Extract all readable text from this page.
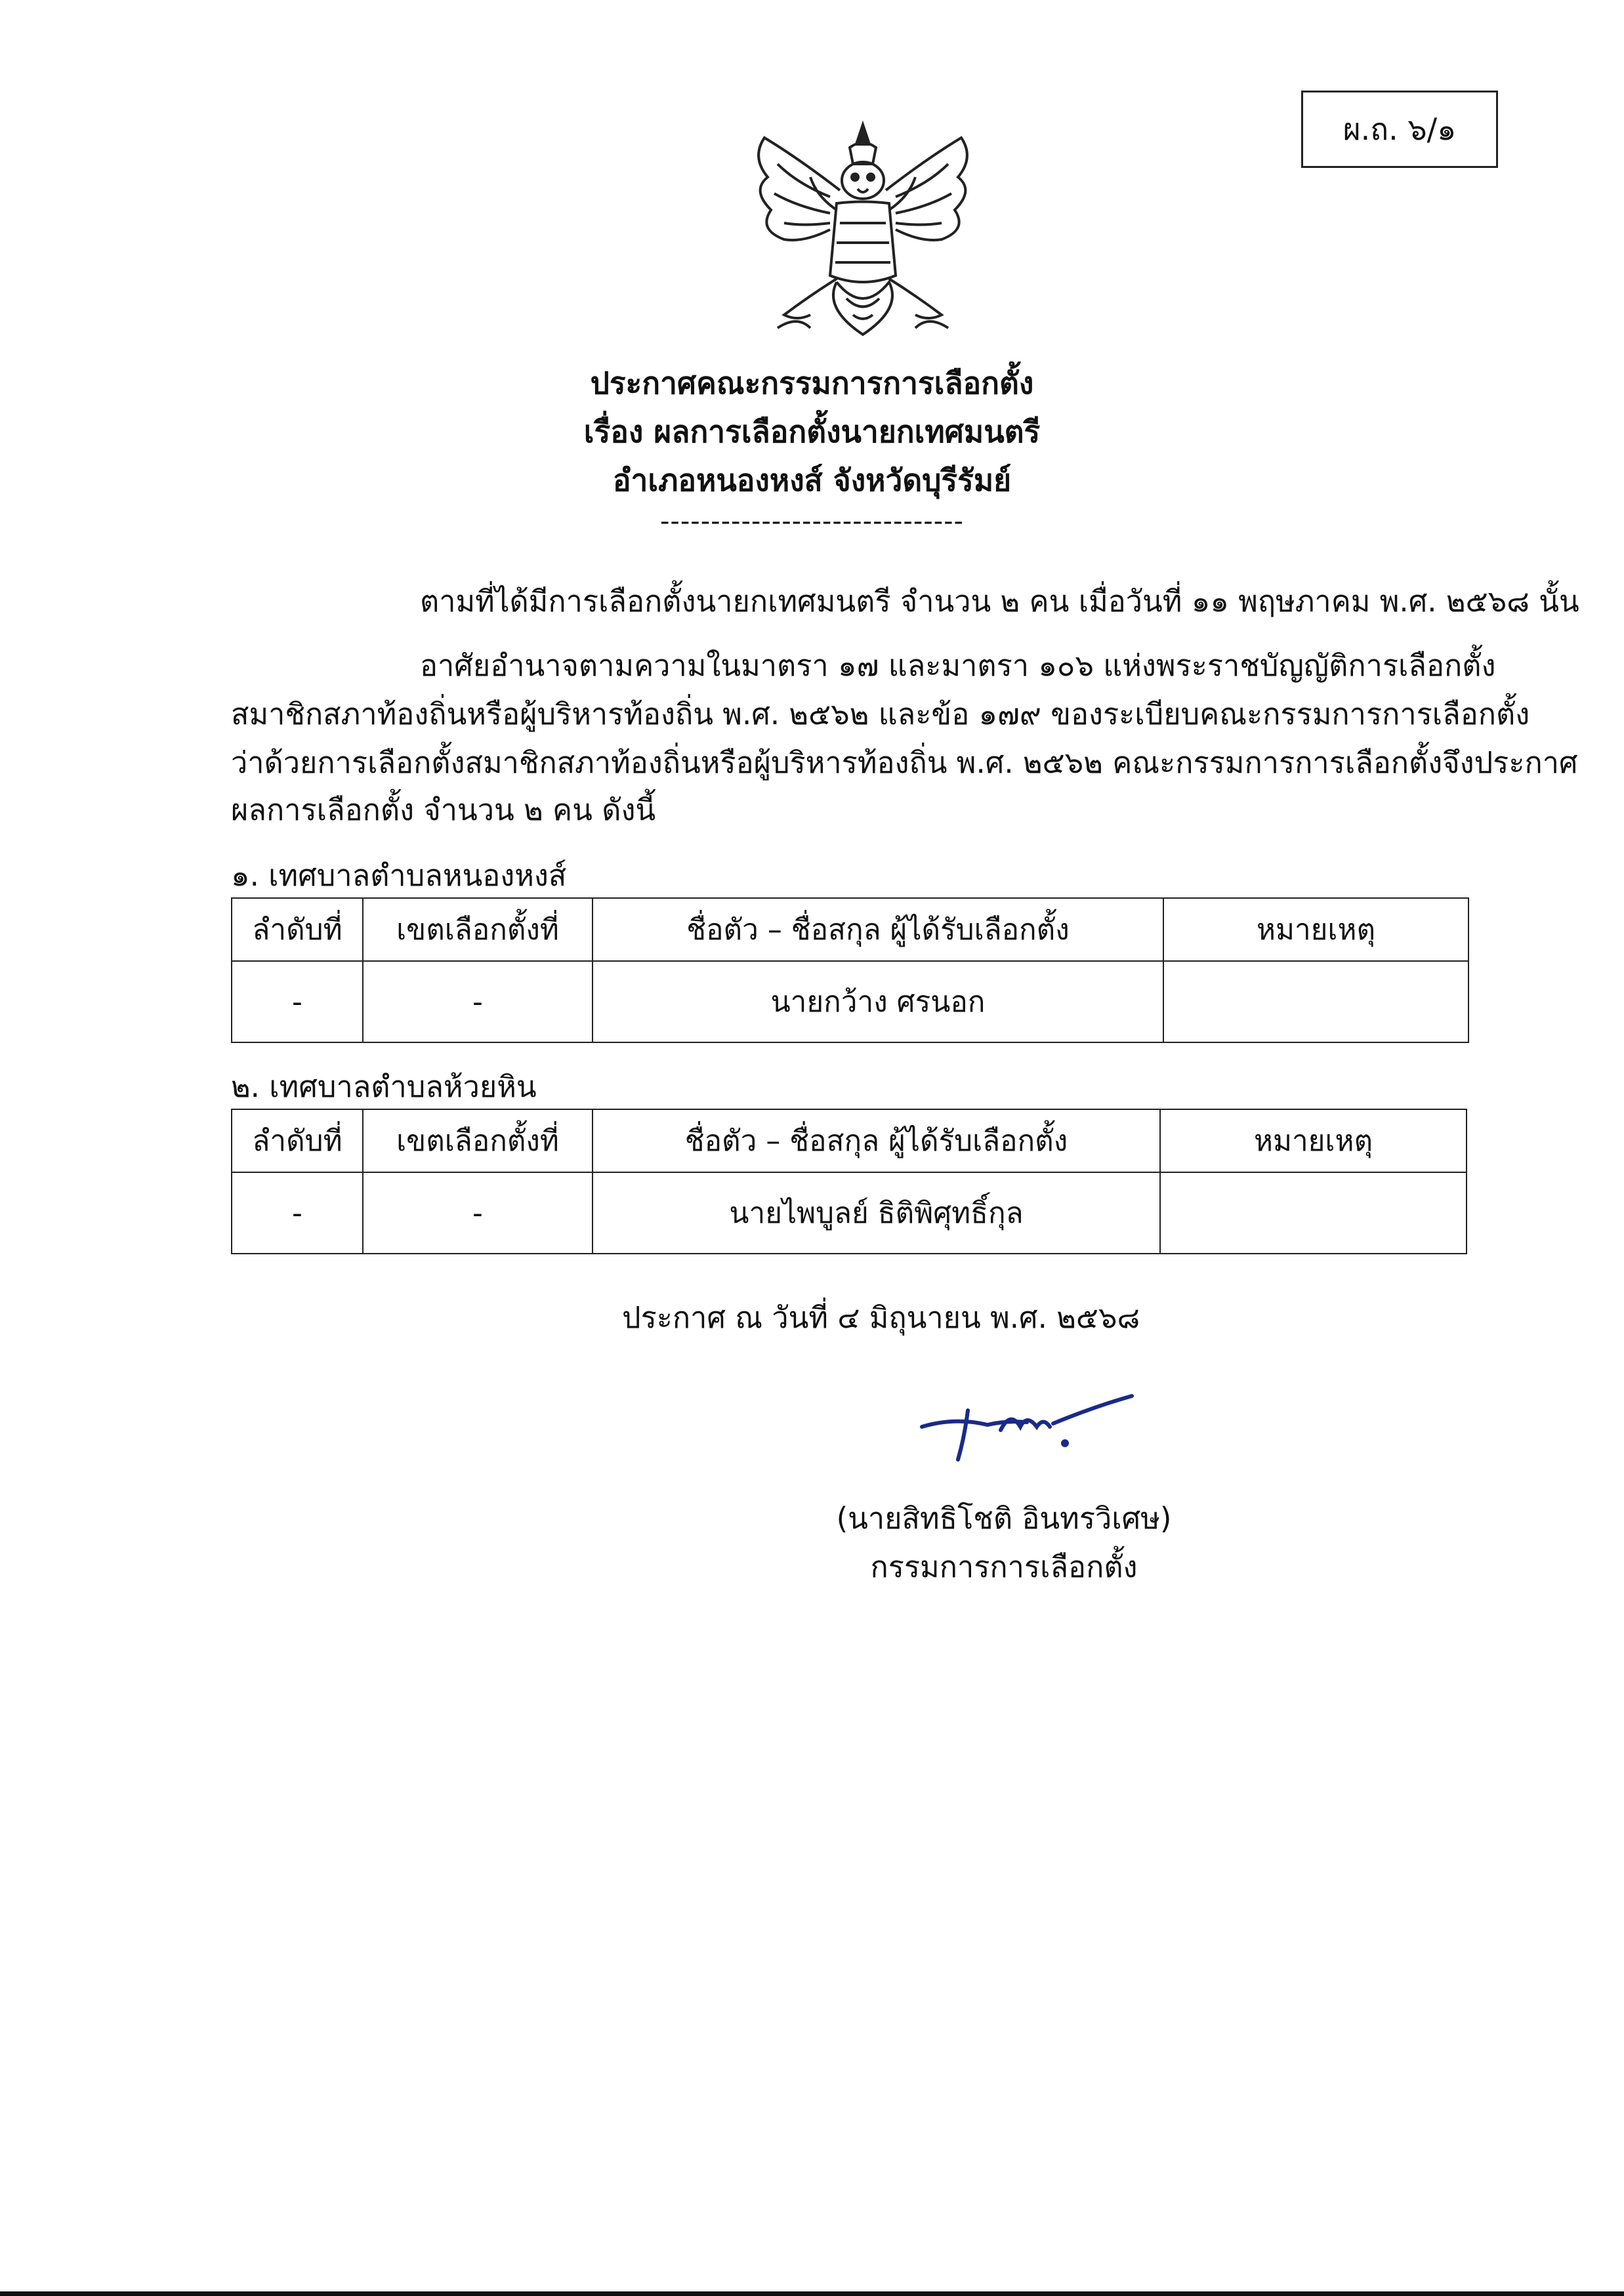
ผ.ถ. ๖/๑
ประกาศคณะกรรมการการเลือกตั้ง
เรื่อง ผลการเลือกตั้งนายกเทศมนตรี
อำเภอหนองหงส์ จังหวัดบุรีรัมย์
------------------------------
ตามที่ได้มีการเลือกตั้งนายกเทศมนตรี จำนวน ๒ คน เมื่อวันที่ ๑๑ พฤษภาคม พ.ศ. ๒๕๖๘ นั้น
อาศัยอำนาจตามความในมาตรา ๑๗ และมาตรา ๑๐๖ แห่งพระราชบัญญัติการเลือกตั้ง
สมาชิกสภาท้องถิ่นหรือผู้บริหารท้องถิ่น พ.ศ. ๒๕๖๒ และข้อ ๑๗๙ ของระเบียบคณะกรรมการการเลือกตั้ง
ว่าด้วยการเลือกตั้งสมาชิกสภาท้องถิ่นหรือผู้บริหารท้องถิ่น พ.ศ. ๒๕๖๒ คณะกรรมการการเลือกตั้งจึงประกาศ
ผลการเลือกตั้ง จำนวน ๒ คน ดังนี้
๑. เทศบาลตำบลหนองหงส์
ลำดับที่	เขตเลือกตั้งที่	ชื่อตัว – ชื่อสกุล ผู้ได้รับเลือกตั้ง	หมายเหตุ
-	-	นายกว้าง ศรนอก	
๒. เทศบาลตำบลห้วยหิน
ลำดับที่	เขตเลือกตั้งที่	ชื่อตัว – ชื่อสกุล ผู้ได้รับเลือกตั้ง	หมายเหตุ
-	-	นายไพบูลย์ ธิติพิศุทธิ์กุล	
ประกาศ ณ วันที่ ๔ มิถุนายน พ.ศ. ๒๕๖๘
(นายสิทธิโชติ อินทรวิเศษ)
กรรมการการเลือกตั้ง
